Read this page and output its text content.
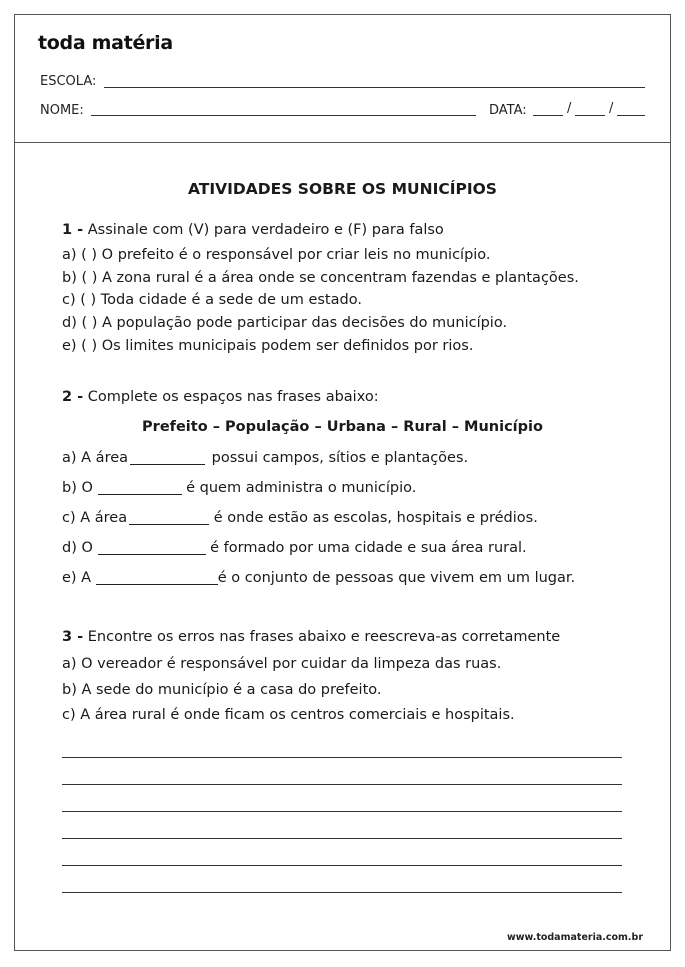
toda matéria
ESCOLA:
NOME:	DATA:	/	/
ATIVIDADES SOBRE OS MUNICÍPIOS
1 - Assinale com (V) para verdadeiro e (F) para falso
a) ( ) O prefeito é o responsável por criar leis no município.
b) ( ) A zona rural é a área onde se concentram fazendas e plantações.
c) ( ) Toda cidade é a sede de um estado.
d) ( ) A população pode participar das decisões do município.
e) ( ) Os limites municipais podem ser definidos por rios.
2 - Complete os espaços nas frases abaixo:
Prefeito – População – Urbana – Rural – Município
a) A área	possui campos, sítios e plantações.
b) O	é quem administra o município.
c) A área	é onde estão as escolas, hospitais e prédios.
d) O	é formado por uma cidade e sua área rural.
e) A	é o conjunto de pessoas que vivem em um lugar.
3 - Encontre os erros nas frases abaixo e reescreva-as corretamente
a) O vereador é responsável por cuidar da limpeza das ruas.
b) A sede do município é a casa do prefeito.
c) A área rural é onde ficam os centros comerciais e hospitais.
www.todamateria.com.br
